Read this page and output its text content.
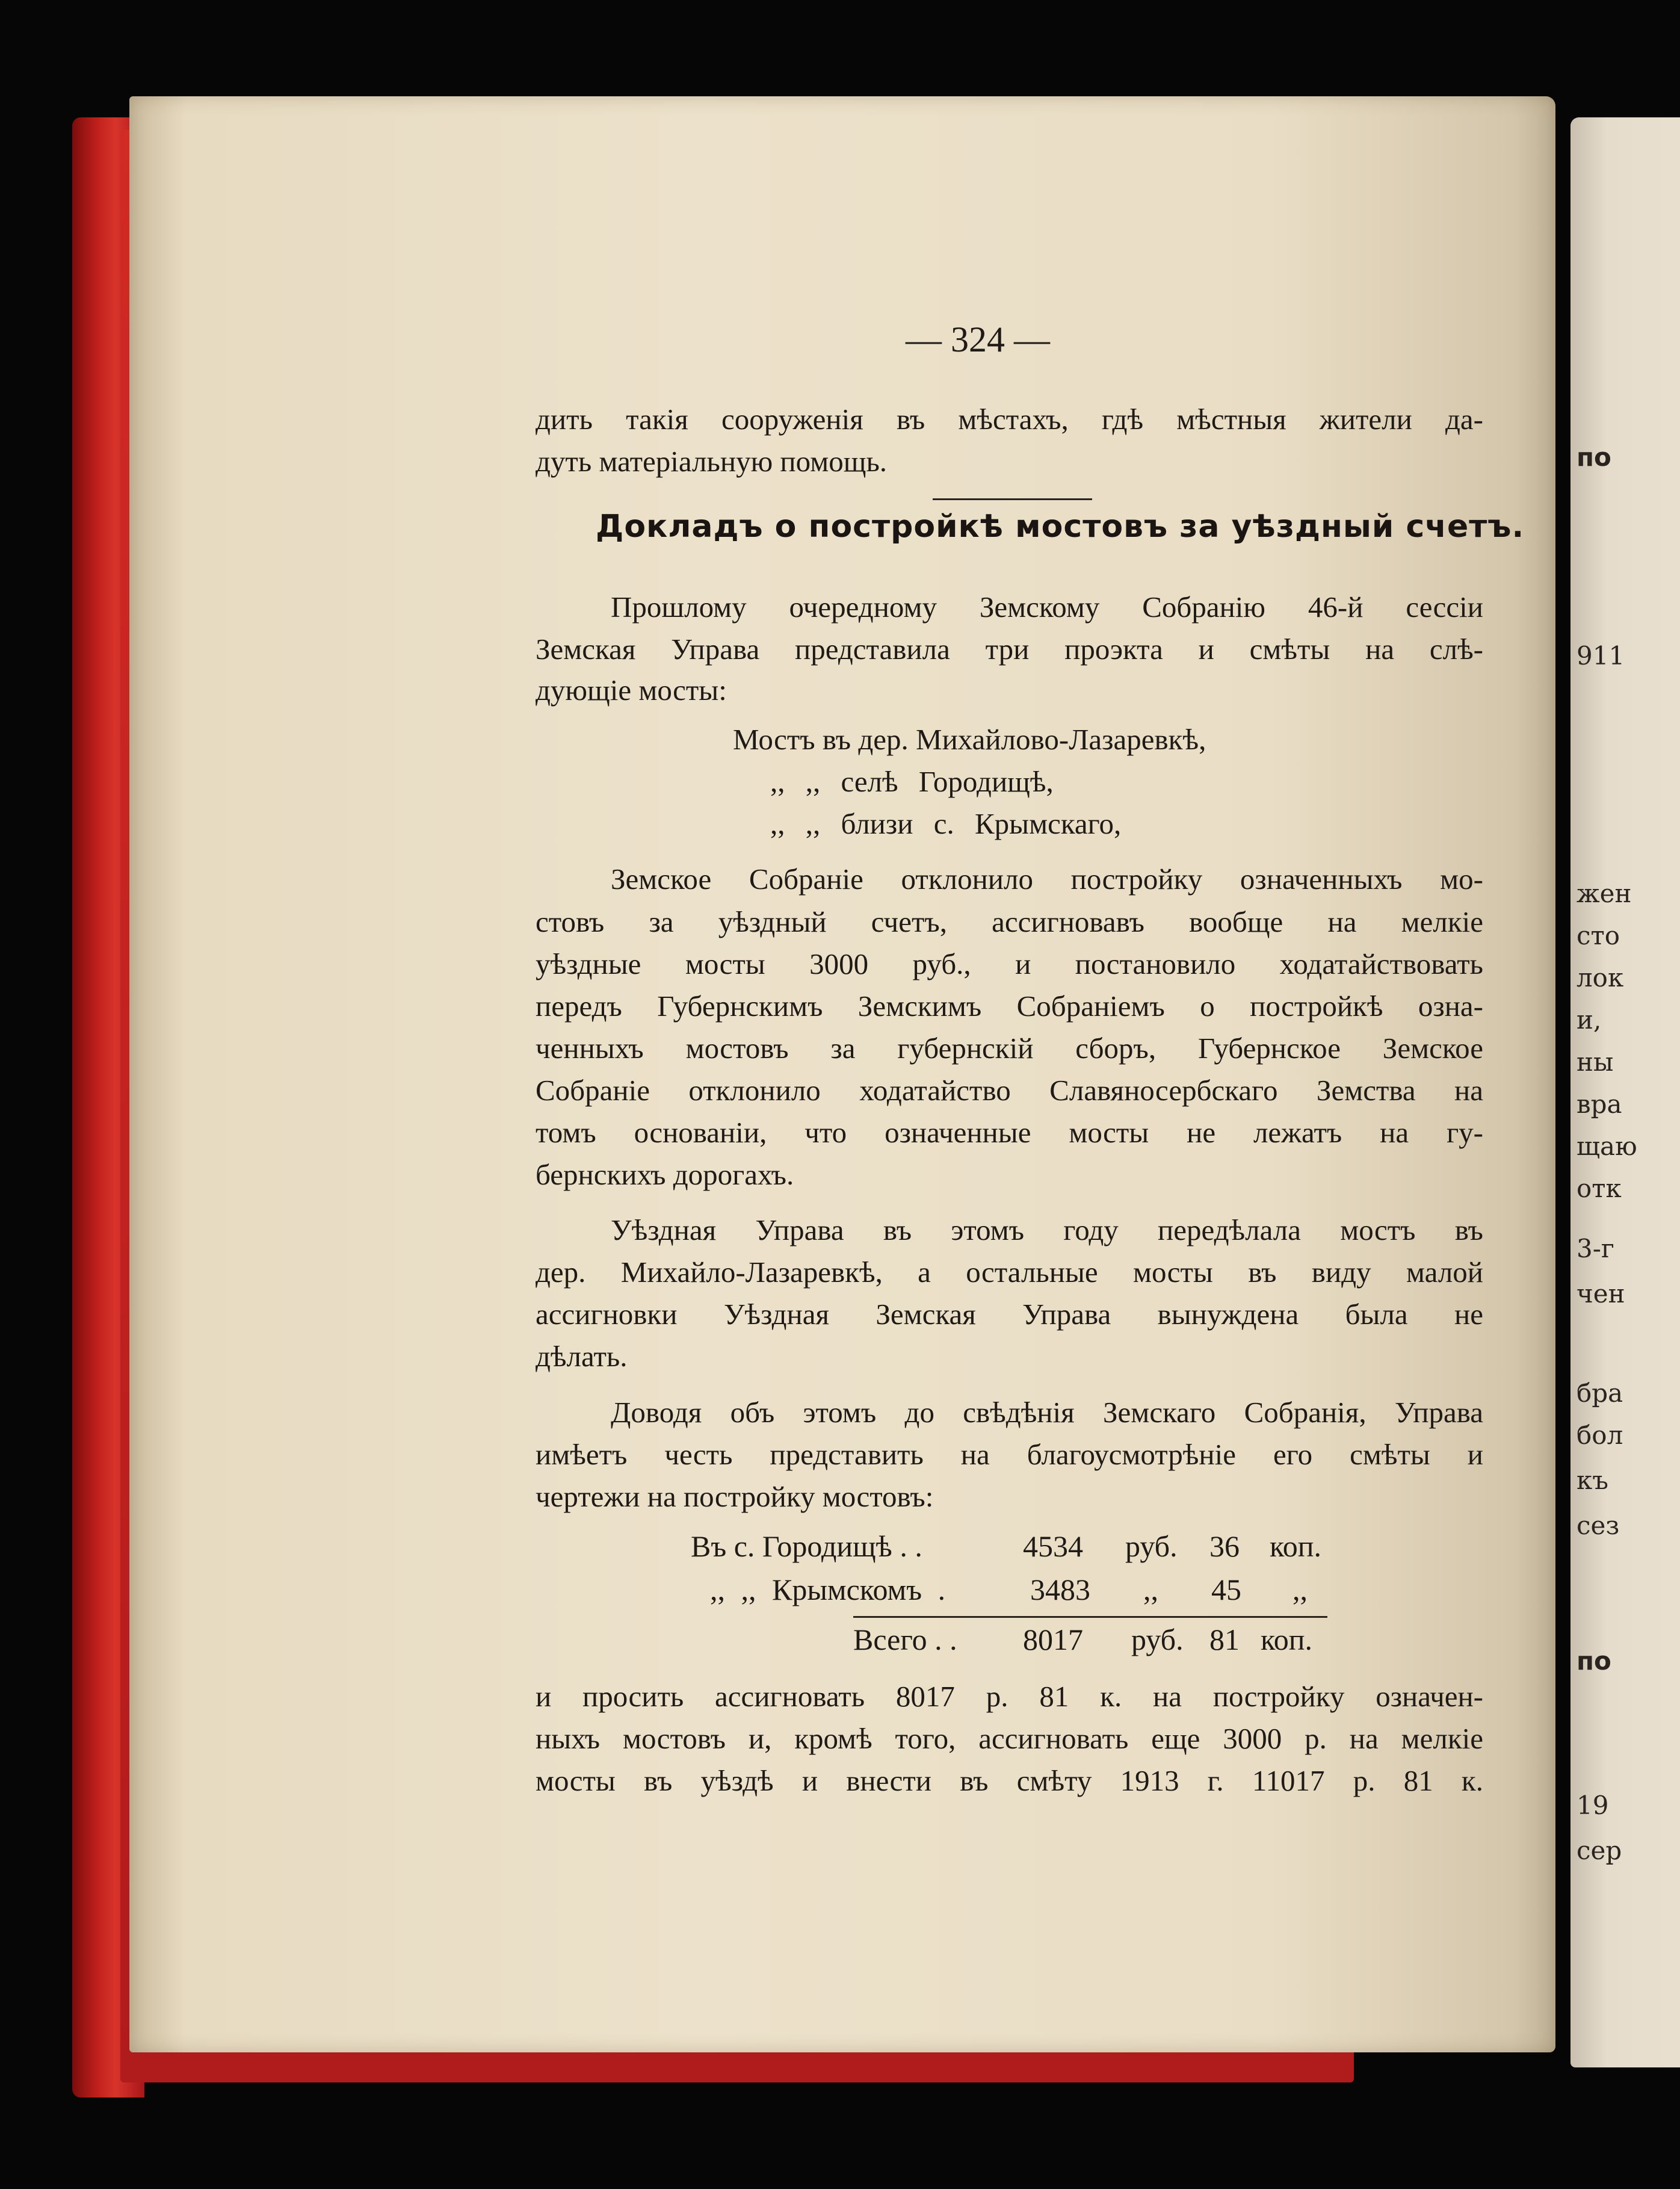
по
911
жен
сто
лок
и,
ны
вра
щаю
отк
3-г
чен
бра
бол
къ
сез
по
19
сер
— 324 —
дить такія сооруженія въ мѣстахъ, гдѣ мѣстныя жители да-
дуть матеріальную помощь.
Докладъ о постройкѣ мостовъ за уѣздный счетъ.
Прошлому очередному Земскому Собранію 46-й сессіи
Земская Управа представила три проэкта и смѣты на слѣ-
дующіе мосты:
Мостъ въ дер. Михайлово-Лазаревкѣ,
,, ,, селѣ Городищѣ,
,, ,, близи с. Крымскаго,
Земское Собраніе отклонило постройку означенныхъ мо-
стовъ за уѣздный счетъ, ассигновавъ вообще на мелкіе
уѣздные мосты 3000 руб., и постановило ходатайствовать
передъ Губернскимъ Земскимъ Собраніемъ о постройкѣ озна-
ченныхъ мостовъ за губернскій сборъ, Губернское Земское
Собраніе отклонило ходатайство Славяносербскаго Земства на
томъ основаніи, что означенные мосты не лежатъ на гу-
бернскихъ дорогахъ.
Уѣздная Управа въ этомъ году передѣлала мостъ въ
дер. Михайло-Лазаревкѣ, а остальные мосты въ виду малой
ассигновки Уѣздная Земская Управа вынуждена была не
дѣлать.
Доводя объ этомъ до свѣдѣнія Земскаго Собранія, Управа
имѣетъ честь представить на благоусмотрѣніе его смѣты и
чертежи на постройку мостовъ:
Въ с. Городищѣ . .	4534 руб. 36 коп.
,, ,, Крымскомъ .	3483 ,, 45 ,,
Всего . . 8017 руб. 81 коп.
и просить ассигновать 8017 р. 81 к. на постройку означен-
ныхъ мостовъ и, кромѣ того, ассигновать еще 3000 р. на мелкіе
мосты въ уѣздѣ и внести въ смѣту 1913 г. 11017 р. 81 к.
